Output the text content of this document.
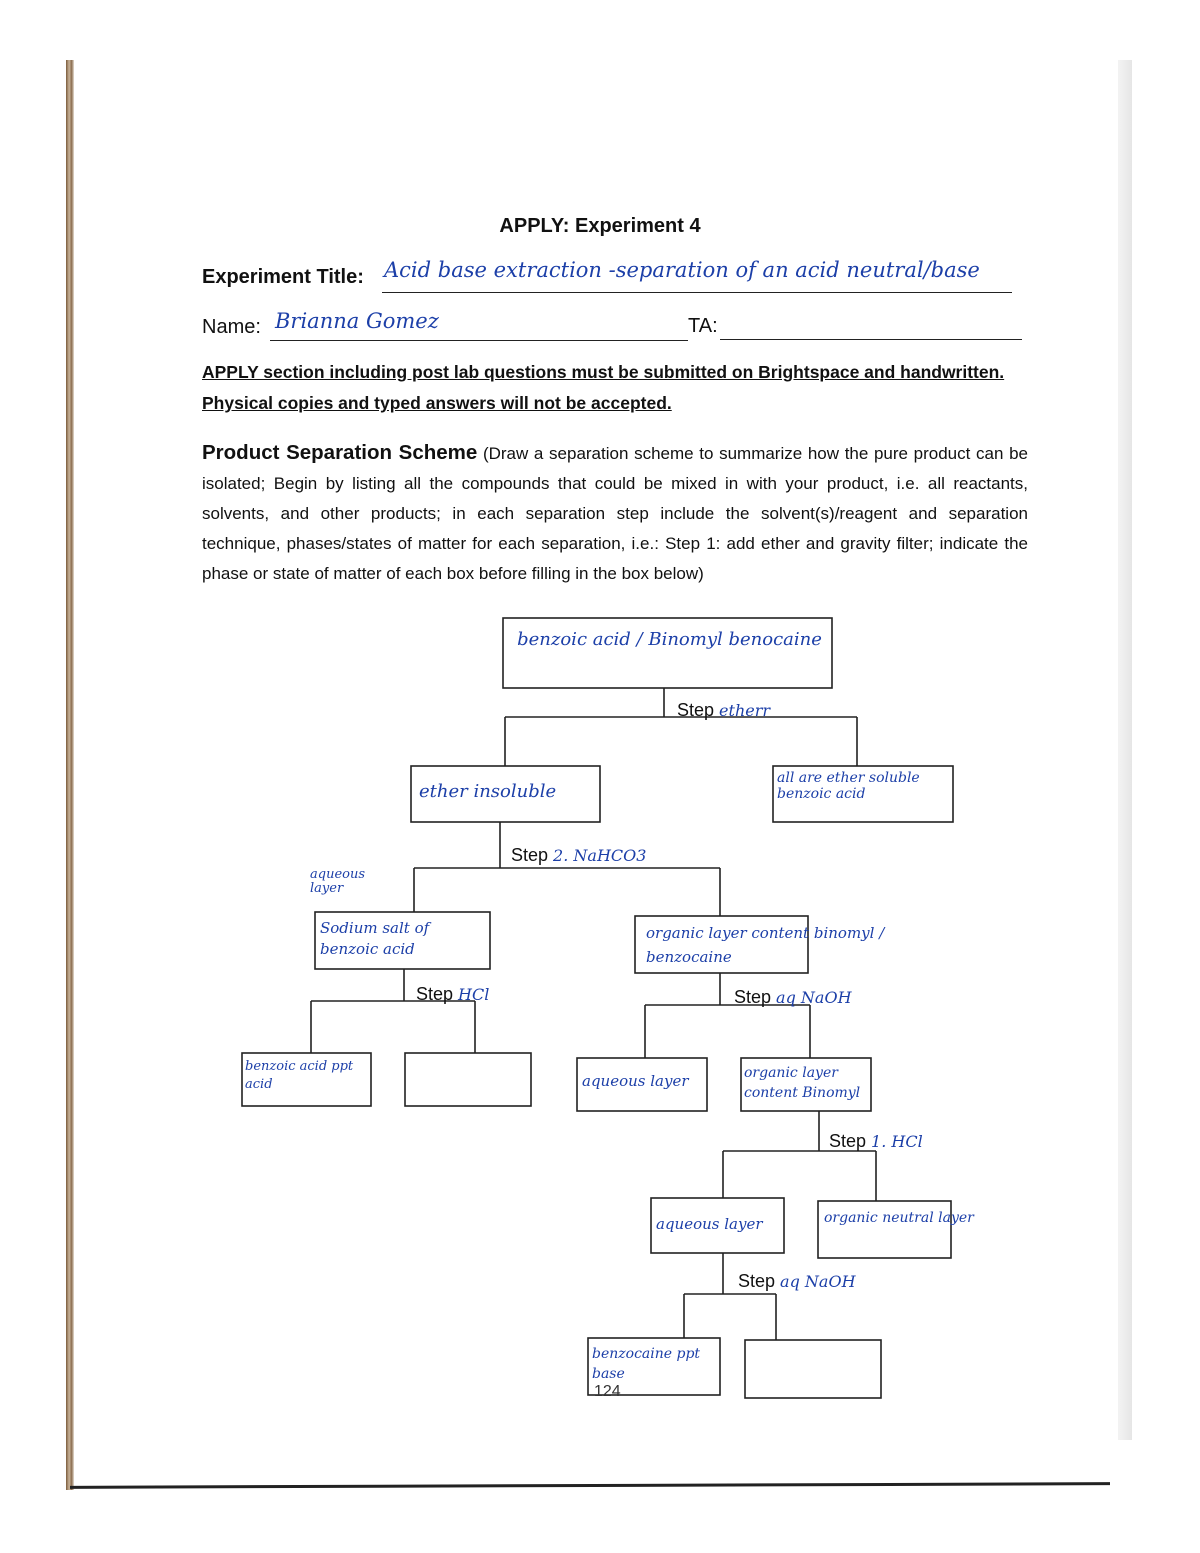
APPLY: Experiment 4
Experiment Title: Acid base extraction -separation of an acid neutral/base
Name: Brianna Gomez	TA:
APPLY section including post lab questions must be submitted on Brightspace and handwritten.
Physical copies and typed answers will not be accepted.
Product Separation Scheme (Draw a separation scheme to summarize how the pure product can be isolated; Begin by listing all the compounds that could be mixed in with your product, i.e. all reactants, solvents, and other products; in each separation step include the solvent(s)/reagent and separation technique, phases/states of matter for each separation, i.e.: Step 1: add ether and gravity filter; indicate the phase or state of matter of each box before filling in the box below)
benzoic acid / Binomyl benocaine
ether insoluble
all are ether soluble benzoic acid
Sodium salt of benzoic acid
organic layer content binomyl / benzocaine
benzoic acid ppt acid	aqueous layer	organic layer content Binomyl
aqueous layer	organic neutral layer
benzocaine ppt base
aqueous layer
Step etherr
Step 2. NaHCO3
Step HCl	Step aq NaOH
Step 1. HCl
Step aq NaOH
124
